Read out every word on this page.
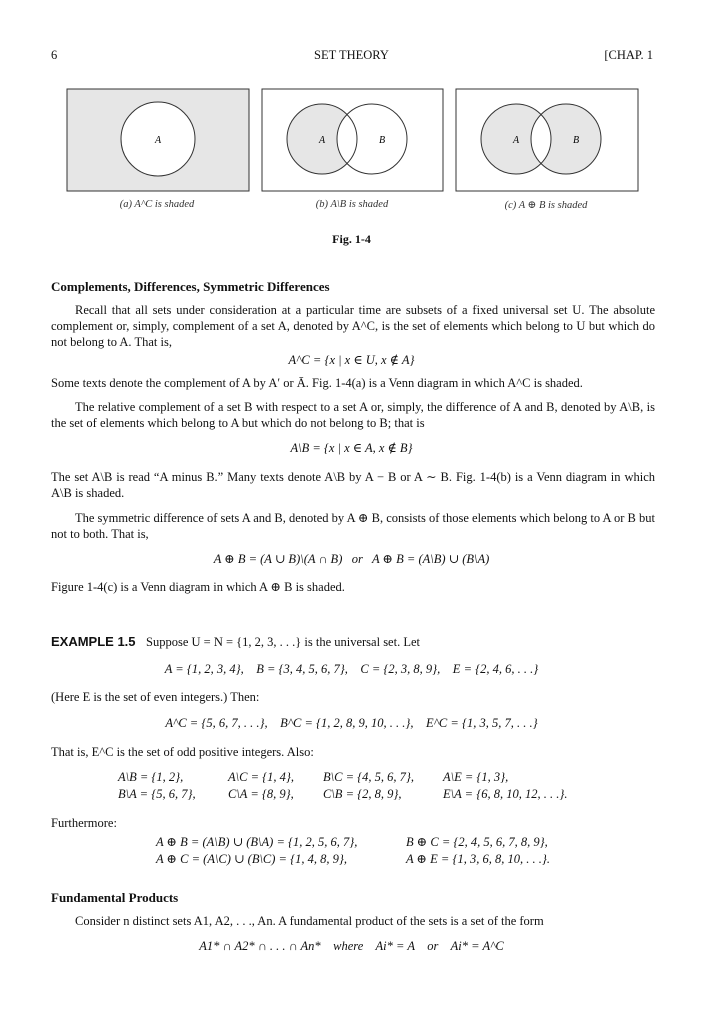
6	SET THEORY	[CHAP. 1
A	A	B	A	B
(a) A^C is shaded	(b) A\B is shaded	(c) A ⊕ B is shaded
Fig. 1-4
Complements, Differences, Symmetric Differences

Recall that all sets under consideration at a particular time are subsets of a fixed universal set U. The absolute complement or, simply, complement of a set A, denoted by A^C, is the set of elements which belong to U but which do not belong to A. That is,

A^C = {x | x ∈ U, x ∉ A}

Some texts denote the complement of A by A′ or Ā. Fig. 1-4(a) is a Venn diagram in which A^C is shaded.

The relative complement of a set B with respect to a set A or, simply, the difference of A and B, denoted by A\B, is the set of elements which belong to A but which do not belong to B; that is

A\B = {x | x ∈ A, x ∉ B}

The set A\B is read “A minus B.” Many texts denote A\B by A − B or A ∼ B. Fig. 1-4(b) is a Venn diagram in which A\B is shaded.

The symmetric difference of sets A and B, denoted by A ⊕ B, consists of those elements which belong to A or B but not to both. That is,

A ⊕ B = (A ∪ B)\(A ∩ B)   or   A ⊕ B = (A\B) ∪ (B\A)

Figure 1-4(c) is a Venn diagram in which A ⊕ B is shaded.

EXAMPLE 1.5 Suppose U = N = {1, 2, 3, . . .} is the universal set. Let
A = {1, 2, 3, 4},    B = {3, 4, 5, 6, 7},    C = {2, 3, 8, 9},    E = {2, 4, 6, . . .}

(Here E is the set of even integers.) Then:

A^C = {5, 6, 7, . . .},    B^C = {1, 2, 8, 9, 10, . . .},    E^C = {1, 3, 5, 7, . . .}

That is, E^C is the set of odd positive integers. Also:

A\B = {1, 2},	A\C = {1, 4}, B\C = {4, 5, 6, 7}, A\E = {1, 3},
B\A = {5, 6, 7},	C\A = {8, 9}, C\B = {2, 8, 9},	E\A = {6, 8, 10, 12, . . .}.

Furthermore:

A ⊕ B = (A\B) ∪ (B\A) = {1, 2, 5, 6, 7},	B ⊕ C = {2, 4, 5, 6, 7, 8, 9},
A ⊕ C = (A\C) ∪ (B\C) = {1, 4, 8, 9},	A ⊕ E = {1, 3, 6, 8, 10, . . .}.
Fundamental Products

Consider n distinct sets A1, A2, . . ., An. A fundamental product of the sets is a set of the form

A1* ∩ A2* ∩ . . . ∩ An*    where    Ai* = A    or    Ai* = A^C
